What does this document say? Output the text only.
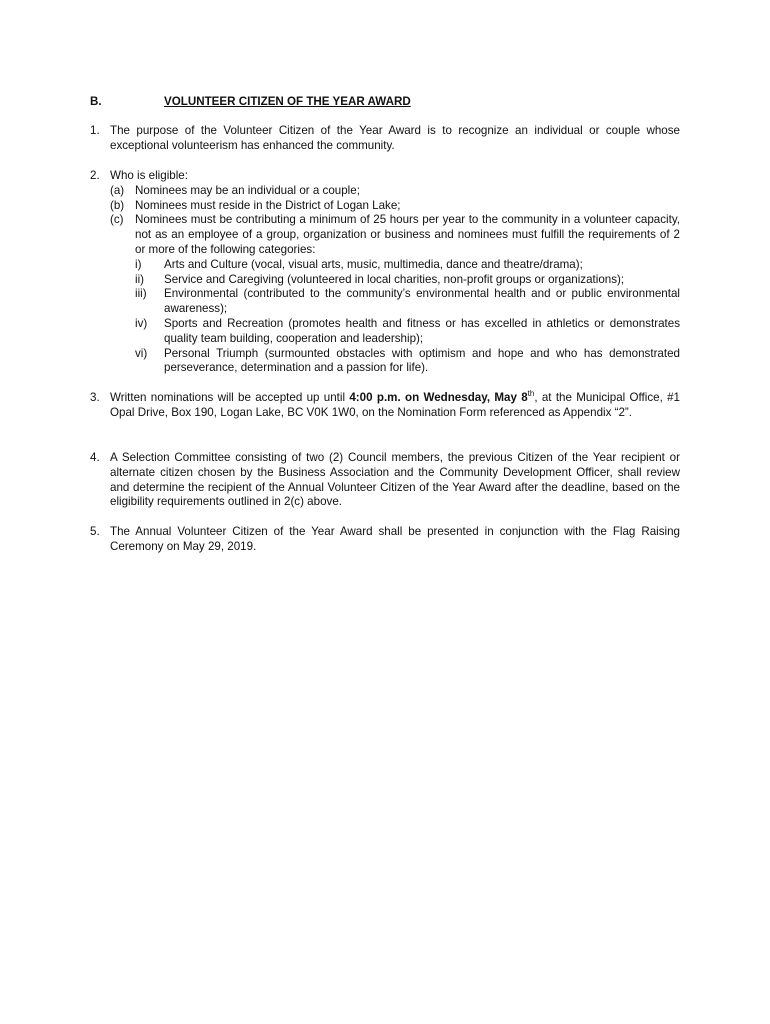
B.	VOLUNTEER CITIZEN OF THE YEAR AWARD
1. The purpose of the Volunteer Citizen of the Year Award is to recognize an individual or couple whose exceptional volunteerism has enhanced the community.

2. Who is eligible:

(a) Nominees may be an individual or a couple;

(b) Nominees must reside in the District of Logan Lake;

(c) Nominees must be contributing a minimum of 25 hours per year to the community in a volunteer capacity, not as an employee of a group, organization or business and nominees must fulfill the requirements of 2 or more of the following categories:

i) Arts and Culture (vocal, visual arts, music, multimedia, dance and theatre/drama);

ii) Service and Caregiving (volunteered in local charities, non-profit groups or organizations);

iii) Environmental (contributed to the community’s environmental health and or public environmental awareness);

iv) Sports and Recreation (promotes health and fitness or has excelled in athletics or demonstrates quality team building, cooperation and leadership);

vi) Personal Triumph (surmounted obstacles with optimism and hope and who has demonstrated perseverance, determination and a passion for life).

3. Written nominations will be accepted up until 4:00 p.m. on Wednesday, May 8th, at the Municipal Office, #1 Opal Drive, Box 190, Logan Lake, BC V0K 1W0, on the Nomination Form referenced as Appendix “2”.

4. A Selection Committee consisting of two (2) Council members, the previous Citizen of the Year recipient or alternate citizen chosen by the Business Association and the Community Development Officer, shall review and determine the recipient of the Annual Volunteer Citizen of the Year Award after the deadline, based on the eligibility requirements outlined in 2(c) above.

5. The Annual Volunteer Citizen of the Year Award shall be presented in conjunction with the Flag Raising Ceremony on May 29, 2019.
